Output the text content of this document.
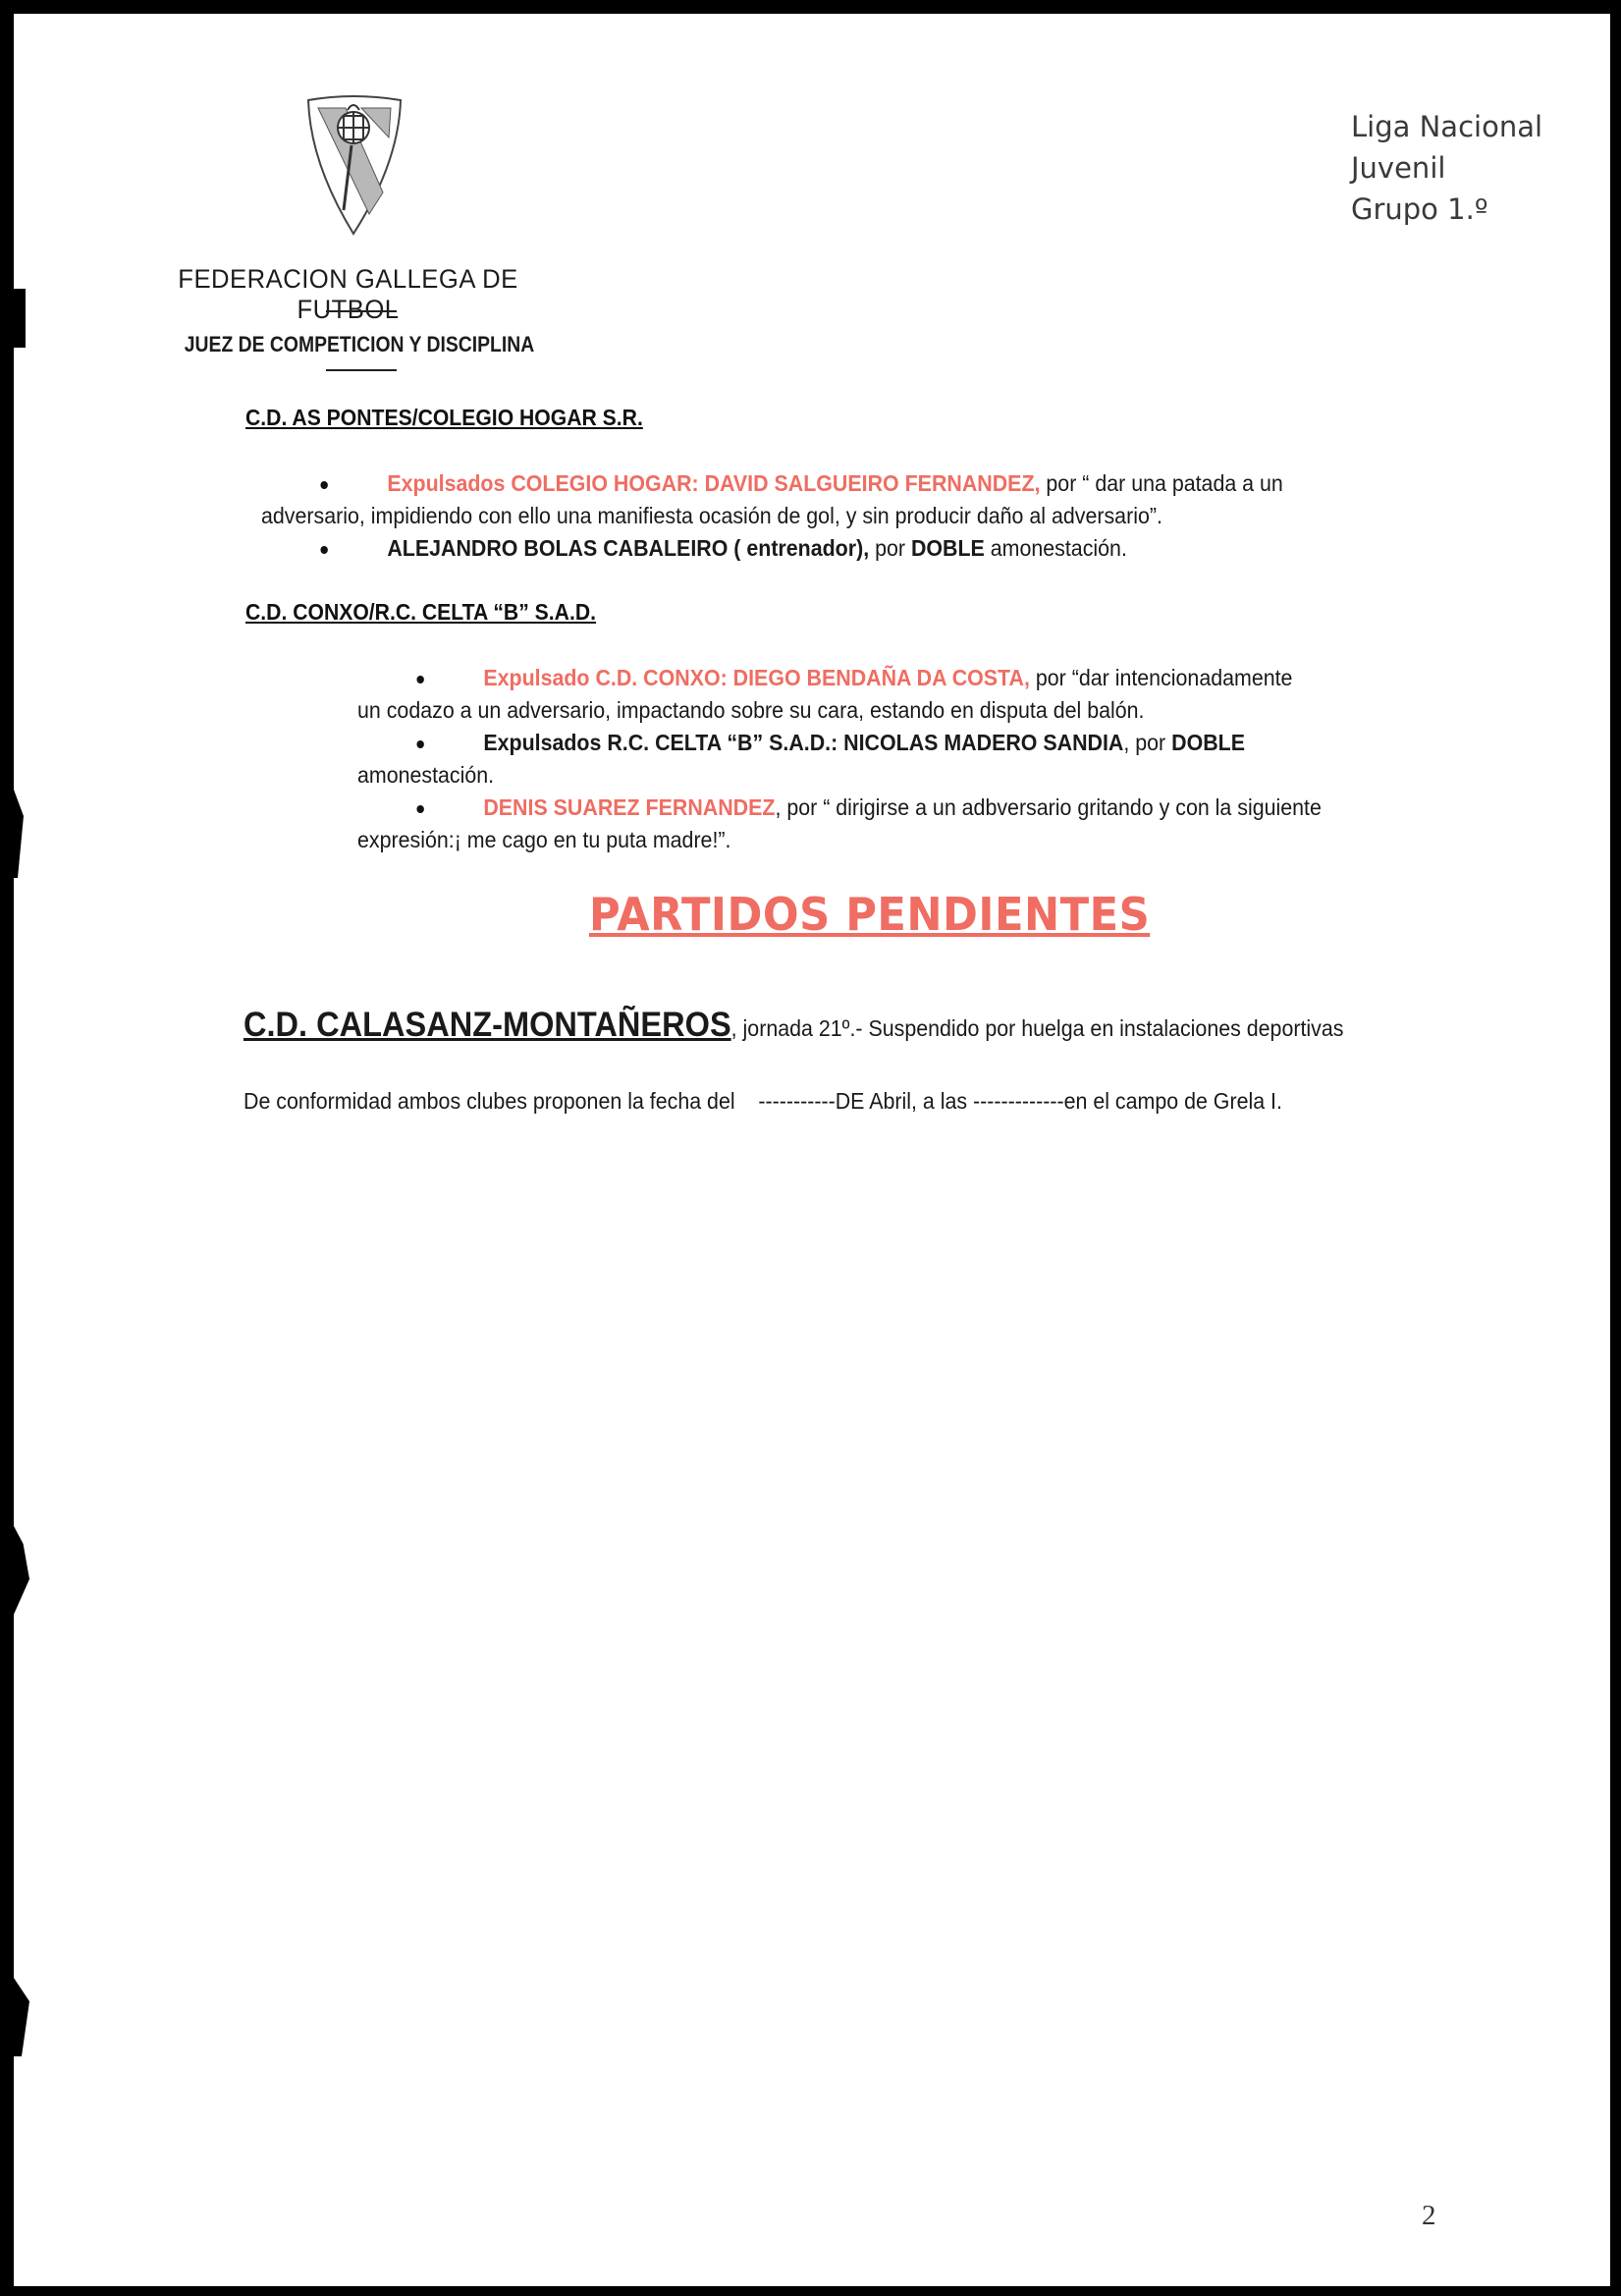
Liga Nacional
Juvenil
Grupo 1.º
FEDERACION GALLEGA DE FUTBOL
JUEZ DE COMPETICION Y DISCIPLINA
C.D. AS PONTES/COLEGIO HOGAR S.R.
Expulsados COLEGIO HOGAR: DAVID SALGUEIRO FERNANDEZ, por “ dar una patada a un
adversario, impidiendo con ello una manifiesta ocasión de gol, y sin producir daño al adversario”.
ALEJANDRO BOLAS CABALEIRO ( entrenador), por DOBLE amonestación.
C.D. CONXO/R.C. CELTA “B” S.A.D.
Expulsado C.D. CONXO: DIEGO BENDAÑA DA COSTA, por “dar intencionadamente
un codazo a un adversario, impactando sobre su cara, estando en disputa del balón.
Expulsados R.C. CELTA “B” S.A.D.: NICOLAS MADERO SANDIA, por DOBLE
amonestación.
DENIS SUAREZ FERNANDEZ, por “ dirigirse a un adbversario gritando y con la siguiente
expresión:¡ me cago en tu puta madre!”.
PARTIDOS PENDIENTES
C.D. CALASANZ-MONTAÑEROS, jornada 21º.- Suspendido por huelga en instalaciones deportivas
De conformidad ambos clubes proponen la fecha del    -----------DE Abril, a las -------------en el campo de Grela I.
2
